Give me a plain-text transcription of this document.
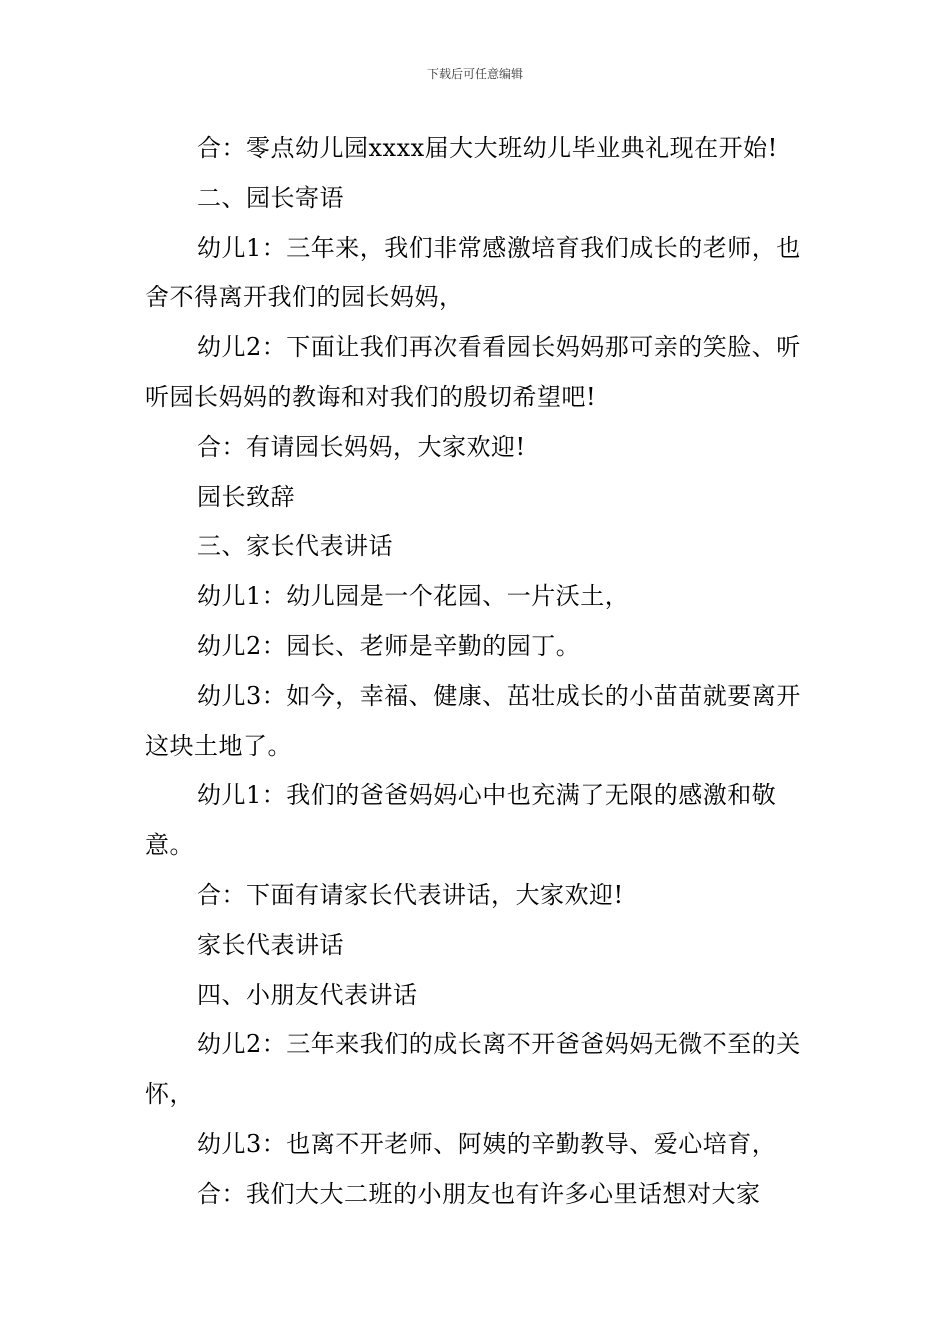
下载后可任意编辑

合：零点幼儿园xxxx届大大班幼儿毕业典礼现在开始!

二、园长寄语

幼儿1：三年来，我们非常感激培育我们成长的老师，也舍不得离开我们的园长妈妈，

幼儿2：下面让我们再次看看园长妈妈那可亲的笑脸、听听园长妈妈的教诲和对我们的殷切希望吧!

合：有请园长妈妈，大家欢迎!

园长致辞

三、家长代表讲话

幼儿1：幼儿园是一个花园、一片沃土，

幼儿2：园长、老师是辛勤的园丁。

幼儿3：如今，幸福、健康、茁壮成长的小苗苗就要离开这块土地了。

幼儿1：我们的爸爸妈妈心中也充满了无限的感激和敬意。

合：下面有请家长代表讲话，大家欢迎!

家长代表讲话

四、小朋友代表讲话

幼儿2：三年来我们的成长离不开爸爸妈妈无微不至的关怀，

幼儿3：也离不开老师、阿姨的辛勤教导、爱心培育，

合：我们大大二班的小朋友也有许多心里话想对大家
